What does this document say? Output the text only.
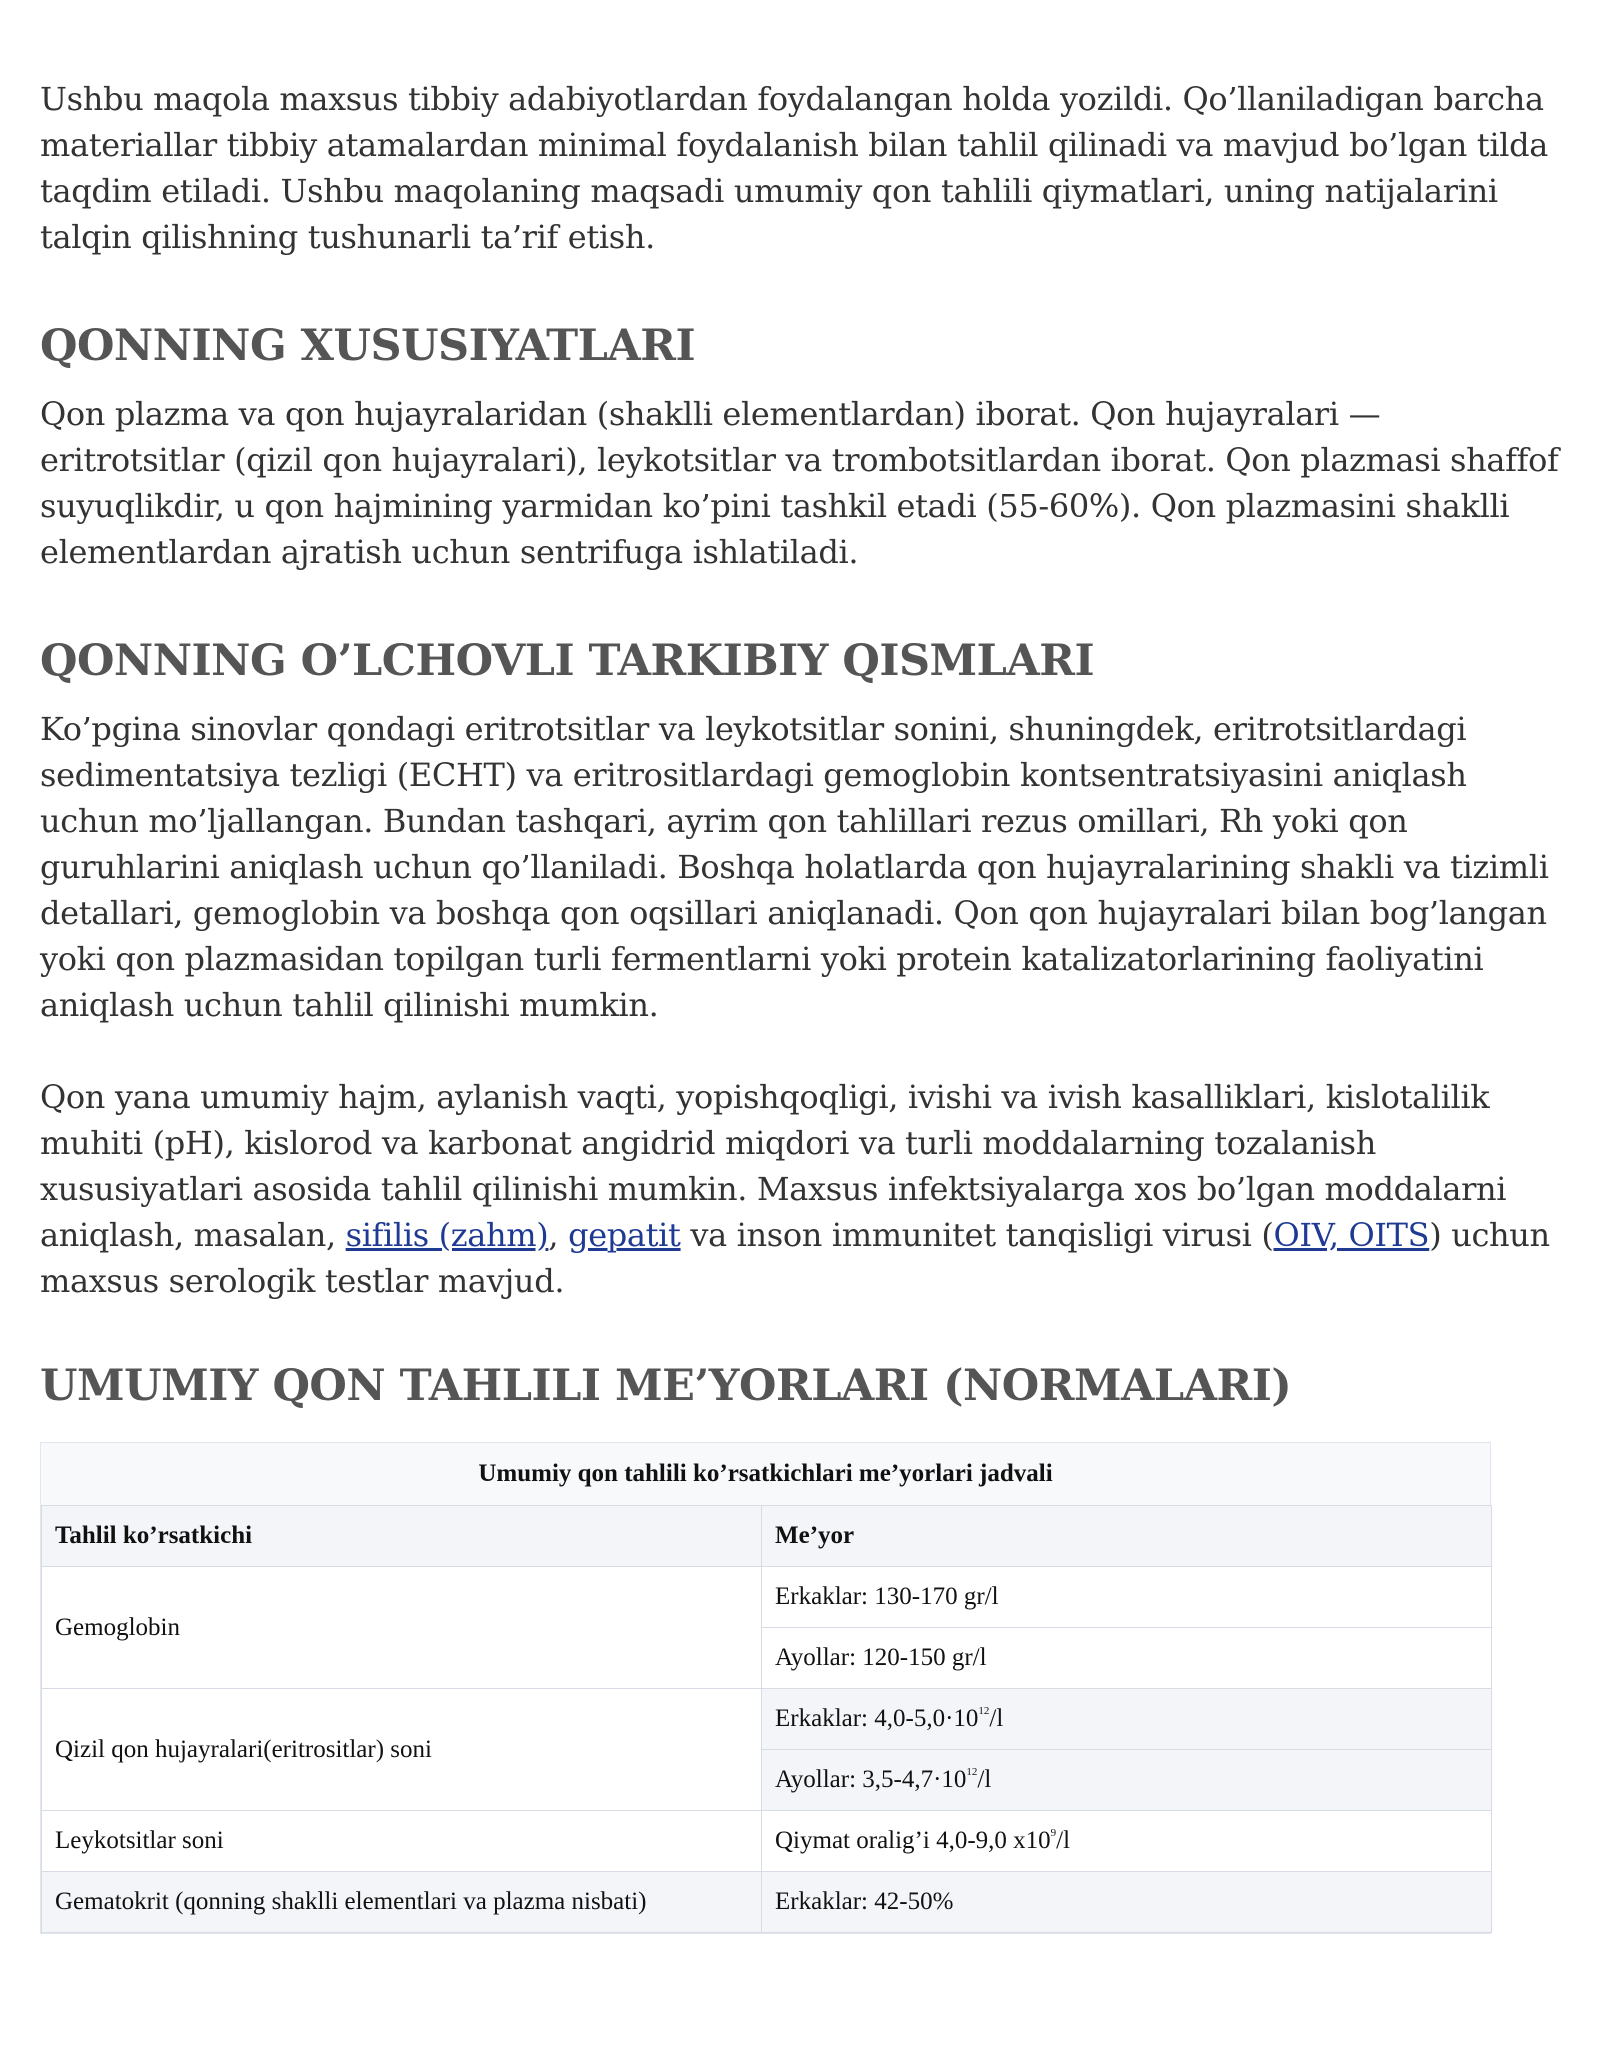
Ushbu maqola maxsus tibbiy adabiyotlardan foydalangan holda yozildi. Qo’llaniladigan barcha materiallar tibbiy atamalardan minimal foydalanish bilan tahlil qilinadi va mavjud bo’lgan tilda taqdim etiladi. Ushbu maqolaning maqsadi umumiy qon tahlili qiymatlari, uning natijalarini talqin qilishning tushunarli ta’rif etish.

QONNING XUSUSIYATLARI

Qon plazma va qon hujayralaridan (shaklli elementlardan) iborat. Qon hujayralari — eritrotsitlar (qizil qon hujayralari), leykotsitlar va trombotsitlardan iborat. Qon plazmasi shaffof suyuqlikdir, u qon hajmining yarmidan ko’pini tashkil etadi (55-60%). Qon plazmasini shaklli elementlardan ajratish uchun sentrifuga ishlatiladi.

QONNING O’LCHOVLI TARKIBIY QISMLARI

Ko’pgina sinovlar qondagi eritrotsitlar va leykotsitlar sonini, shuningdek, eritrotsitlardagi sedimentatsiya tezligi (ECHT) va eritrositlardagi gemoglobin kontsentratsiyasini aniqlash uchun mo’ljallangan. Bundan tashqari, ayrim qon tahlillari rezus omillari, Rh yoki qon guruhlarini aniqlash uchun qo’llaniladi. Boshqa holatlarda qon hujayralarining shakli va tizimli detallari, gemoglobin va boshqa qon oqsillari aniqlanadi. Qon qon hujayralari bilan bog’langan yoki qon plazmasidan topilgan turli fermentlarni yoki protein katalizatorlarining faoliyatini aniqlash uchun tahlil qilinishi mumkin.

Qon yana umumiy hajm, aylanish vaqti, yopishqoqligi, ivishi va ivish kasalliklari, kislotalilik muhiti (pH), kislorod va karbonat angidrid miqdori va turli moddalarning tozalanish xususiyatlari asosida tahlil qilinishi mumkin. Maxsus infektsiyalarga xos bo’lgan moddalarni aniqlash, masalan, sifilis (zahm), gepatit va inson immunitet tanqisligi virusi (OIV, OITS) uchun maxsus serologik testlar mavjud.

UMUMIY QON TAHLILI ME’YORLARI (NORMALARI)
Umumiy qon tahlili ko’rsatkichlari me’yorlari jadvali
Tahlil ko’rsatkichi	Me’yor
Gemoglobin	Erkaklar: 130-170 gr/l
	Ayollar: 120-150 gr/l
Qizil qon hujayralari(eritrositlar) soni	Erkaklar: $4,0-5,0\cdot 10^{12}/l$
	Ayollar: $3,5-4,7\cdot 10^{12}/l$
Leykotsitlar soni	Qiymat oralig’i 4,0-9,0 $x10^9/l$
Gematokrit (qonning shaklli elementlari va plazma nisbati)	Erkaklar: 42-50%
